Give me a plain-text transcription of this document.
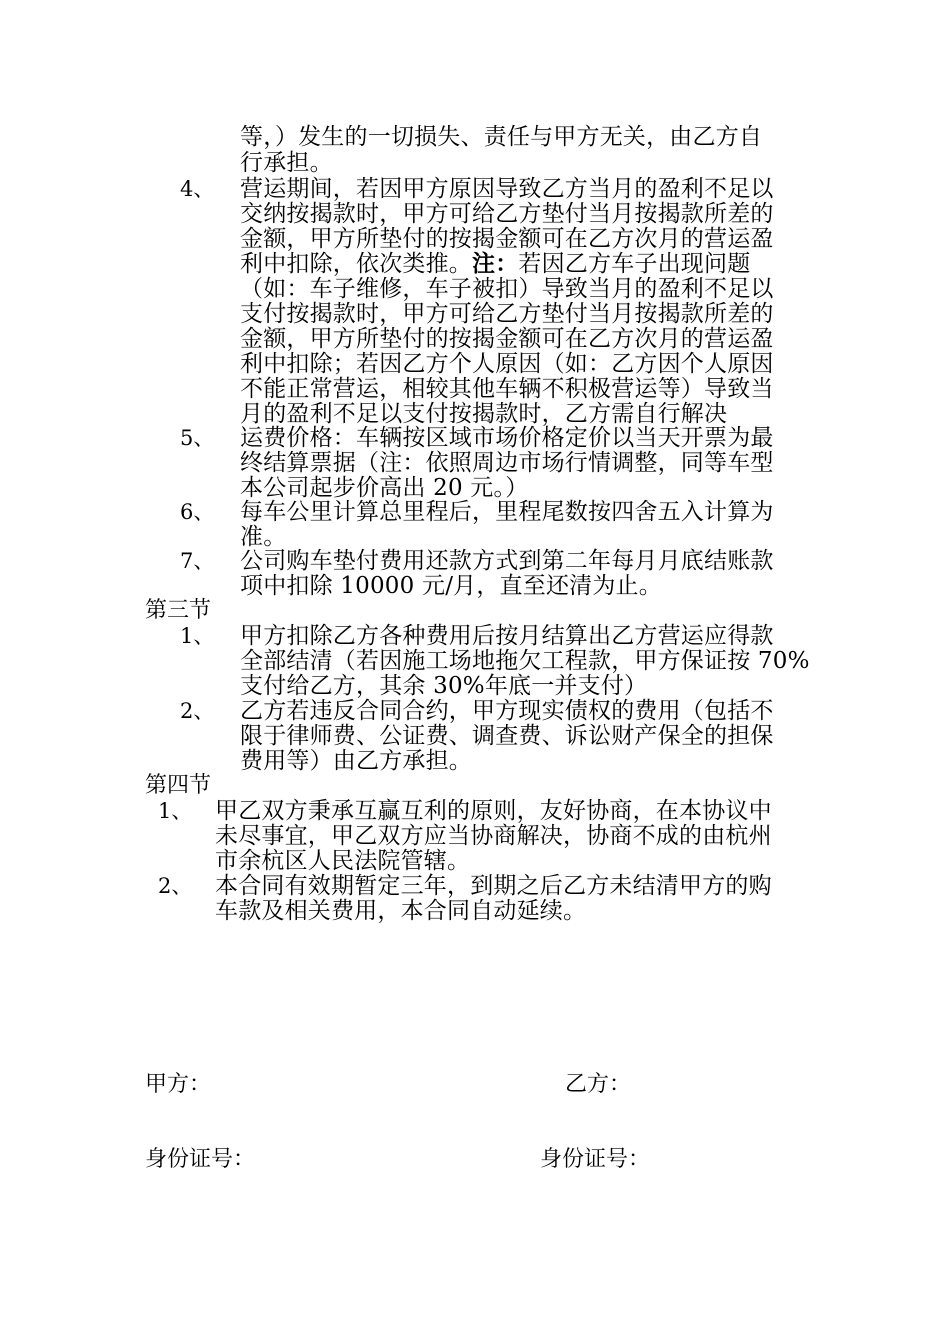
等，）发生的一切损失、责任与甲方无关，由乙方自
行承担。
4、 营运期间，若因甲方原因导致乙方当月的盈利不足以
交纳按揭款时，甲方可给乙方垫付当月按揭款所差的
金额，甲方所垫付的按揭金额可在乙方次月的营运盈
利中扣除，依次类推。注：若因乙方车子出现问题
（如：车子维修，车子被扣）导致当月的盈利不足以
支付按揭款时，甲方可给乙方垫付当月按揭款所差的
金额，甲方所垫付的按揭金额可在乙方次月的营运盈
利中扣除；若因乙方个人原因（如：乙方因个人原因
不能正常营运，相较其他车辆不积极营运等）导致当
月的盈利不足以支付按揭款时，乙方需自行解决
5、 运费价格：车辆按区域市场价格定价以当天开票为最
终结算票据（注：依照周边市场行情调整，同等车型
本公司起步价高出 20 元。）
6、 每车公里计算总里程后，里程尾数按四舍五入计算为
准。
7、 公司购车垫付费用还款方式到第二年每月月底结账款
项中扣除 10000 元/月，直至还清为止。
第三节
1、 甲方扣除乙方各种费用后按月结算出乙方营运应得款
全部结清（若因施工场地拖欠工程款，甲方保证按 70%
支付给乙方，其余 30%年底一并支付）
2、 乙方若违反合同合约，甲方现实债权的费用（包括不
限于律师费、公证费、调查费、诉讼财产保全的担保
费用等）由乙方承担。
第四节
1、 甲乙双方秉承互赢互利的原则，友好协商，在本协议中
未尽事宜，甲乙双方应当协商解决，协商不成的由杭州
市余杭区人民法院管辖。
2、 本合同有效期暂定三年，到期之后乙方未结清甲方的购
车款及相关费用，本合同自动延续。
甲方：	乙方：
身份证号：	身份证号：
